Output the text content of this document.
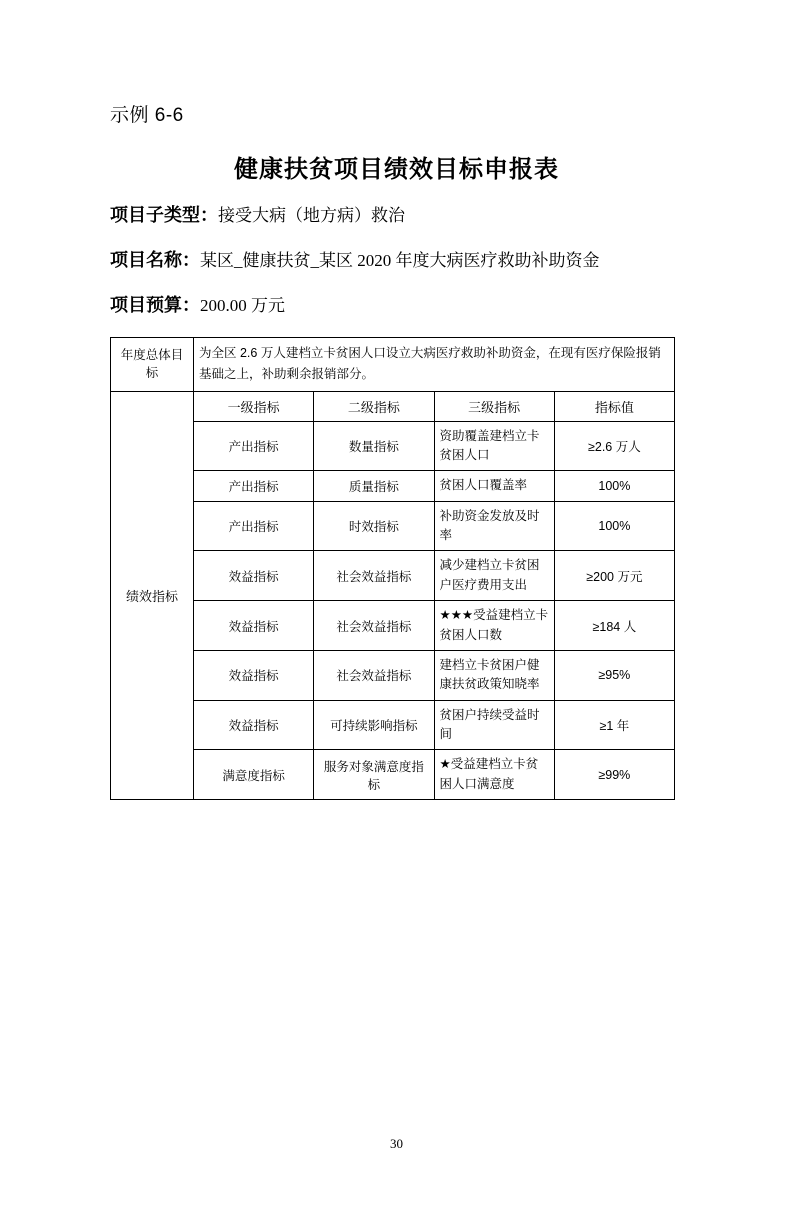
示例 6-6
健康扶贫项目绩效目标申报表
项目子类型：接受大病（地方病）救治
项目名称：某区_健康扶贫_某区 2020 年度大病医疗救助补助资金
项目预算：200.00 万元
年度总体目标	为全区 2.6 万人建档立卡贫困人口设立大病医疗救助补助资金，在现有医疗保险报销基础之上，补助剩余报销部分。			
绩效指标	一级指标	二级指标	三级指标	指标值
	产出指标	数量指标	资助覆盖建档立卡贫困人口	≥2.6 万人
	产出指标	质量指标	贫困人口覆盖率	100%
	产出指标	时效指标	补助资金发放及时率	100%
	效益指标	社会效益指标	减少建档立卡贫困户医疗费用支出	≥200 万元
	效益指标	社会效益指标	★★★受益建档立卡贫困人口数	≥184 人
	效益指标	社会效益指标	建档立卡贫困户健康扶贫政策知晓率	≥95%
	效益指标	可持续影响指标	贫困户持续受益时间	≥1 年
	满意度指标	服务对象满意度指标	★受益建档立卡贫困人口满意度	≥99%
30
